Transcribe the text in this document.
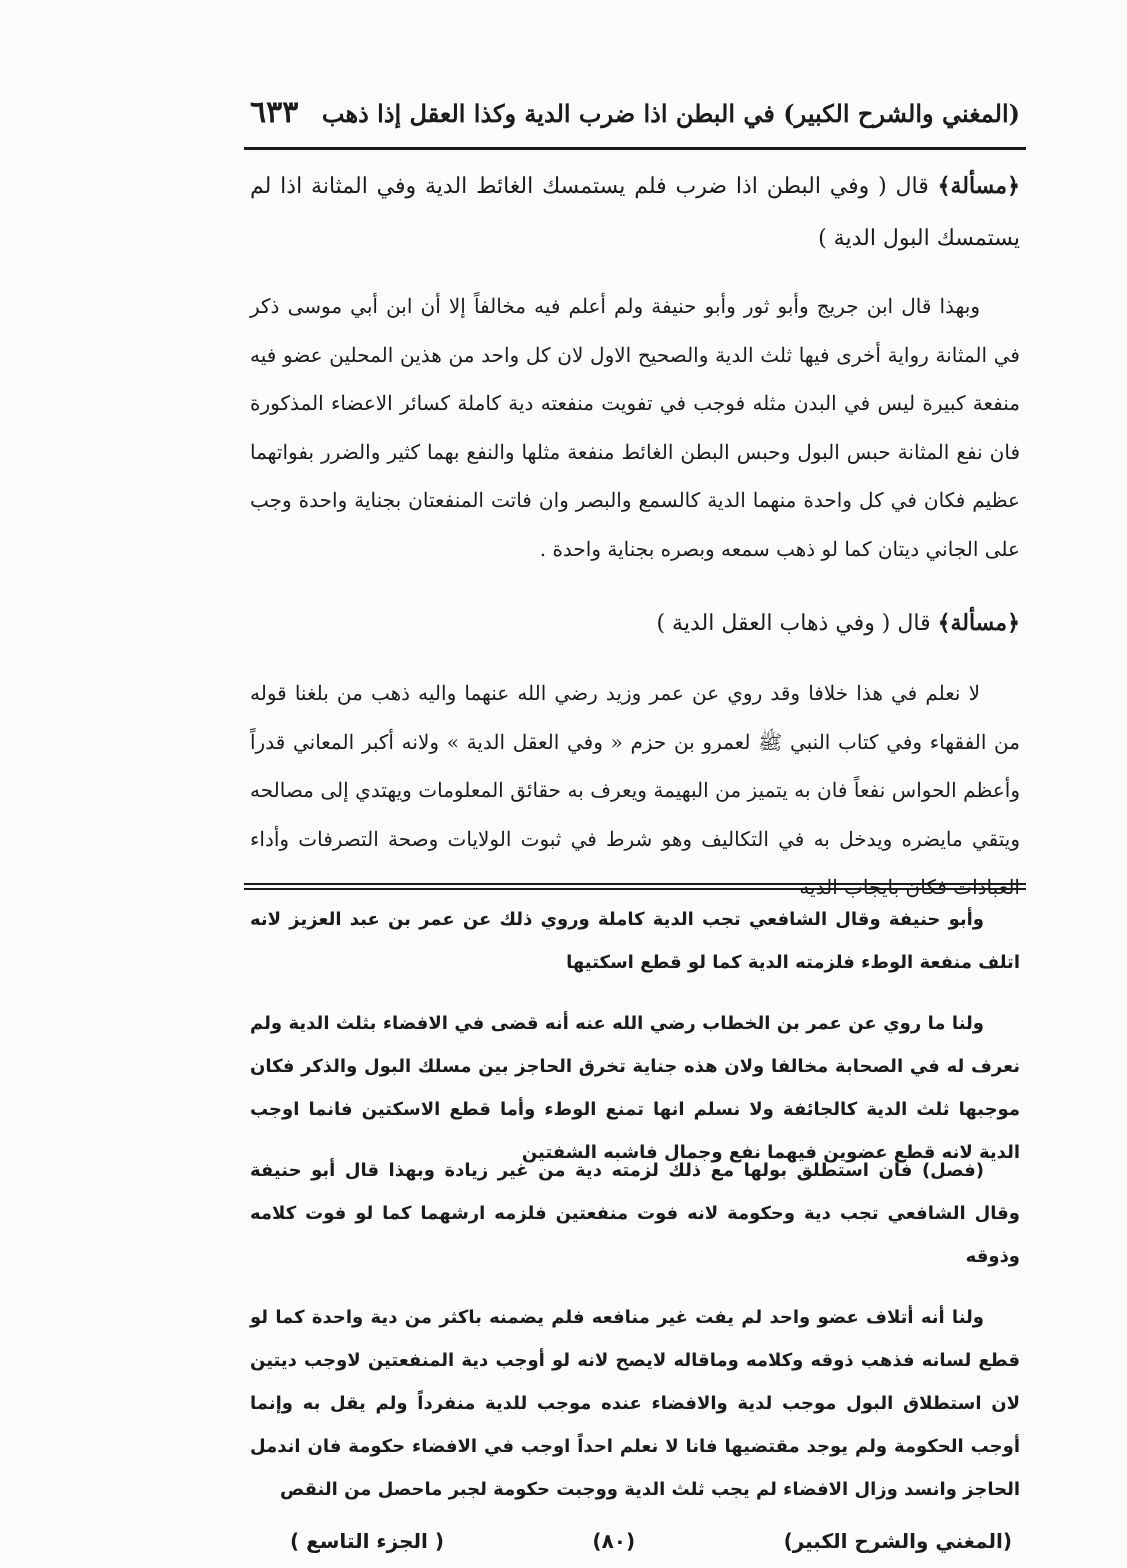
(المغني والشرح الكبير) في البطن اذا ضرب الدية وكذا العقل إذا ذهب
٦٣٣
﴿مسألة﴾ قال ( وفي البطن اذا ضرب فلم يستمسك الغائط الدية وفي المثانة اذا لم يستمسك البول الدية )

وبهذا قال ابن جريج وأبو ثور وأبو حنيفة ولم أعلم فيه مخالفاً إلا أن ابن أبي موسى ذكر في المثانة رواية أخرى فيها ثلث الدية والصحيح الاول لان كل واحد من هذين المحلين عضو فيه منفعة كبيرة ليس في البدن مثله فوجب في تفويت منفعته دية كاملة كسائر الاعضاء المذكورة فان نفع المثانة حبس البول وحبس البطن الغائط منفعة مثلها والنفع بهما كثير والضرر بفواتهما عظيم فكان في كل واحدة منهما الدية كالسمع والبصر وان فاتت المنفعتان بجناية واحدة وجب على الجاني ديتان كما لو ذهب سمعه وبصره بجناية واحدة .

﴿مسألة﴾ قال ( وفي ذهاب العقل الدية )

لا نعلم في هذا خلافا وقد روي عن عمر وزيد رضي الله عنهما واليه ذهب من بلغنا قوله من الفقهاء وفي كتاب النبي ﷺ لعمرو بن حزم « وفي العقل الدية » ولانه أكبر المعاني قدراً وأعظم الحواس نفعاً فان به يتميز من البهيمة ويعرف به حقائق المعلومات ويهتدي إلى مصالحه ويتقي مايضره ويدخل به في التكاليف وهو شرط في ثبوت الولايات وصحة التصرفات وأداء العبادات فكان بايجاب الدية

وأبو حنيفة وقال الشافعي تجب الدية كاملة وروي ذلك عن عمر بن عبد العزيز لانه اتلف منفعة الوطء فلزمته الدية كما لو قطع اسكتيها

ولنا ما روي عن عمر بن الخطاب رضي الله عنه أنه قضى في الافضاء بثلث الدية ولم نعرف له في الصحابة مخالفا ولان هذه جناية تخرق الحاجز بين مسلك البول والذكر فكان موجبها ثلث الدية كالجائفة ولا نسلم انها تمنع الوطء وأما قطع الاسكتين فانما اوجب الدية لانه قطع عضوين فيهما نفع وجمال فاشبه الشفتين

(فصل) فان استطلق بولها مع ذلك لزمته دية من غير زيادة وبهذا قال أبو حنيفة وقال الشافعي تجب دية وحكومة لانه فوت منفعتين فلزمه ارشهما كما لو فوت كلامه وذوقه

ولنا أنه أتلاف عضو واحد لم يفت غير منافعه فلم يضمنه باكثر من دية واحدة كما لو قطع لسانه فذهب ذوقه وكلامه وماقاله لايصح لانه لو أوجب دية المنفعتين لاوجب ديتين لان استطلاق البول موجب لدية والافضاء عنده موجب للدية منفرداً ولم يقل به وإنما أوجب الحكومة ولم يوجد مقتضيها فانا لا نعلم احداً اوجب في الافضاء حكومة فان اندمل الحاجز وانسد وزال الافضاء لم يجب ثلث الدية ووجبت حكومة لجبر ماحصل من النقص

(المغني والشرح الكبير)
(٨٠)
( الجزء التاسع )
